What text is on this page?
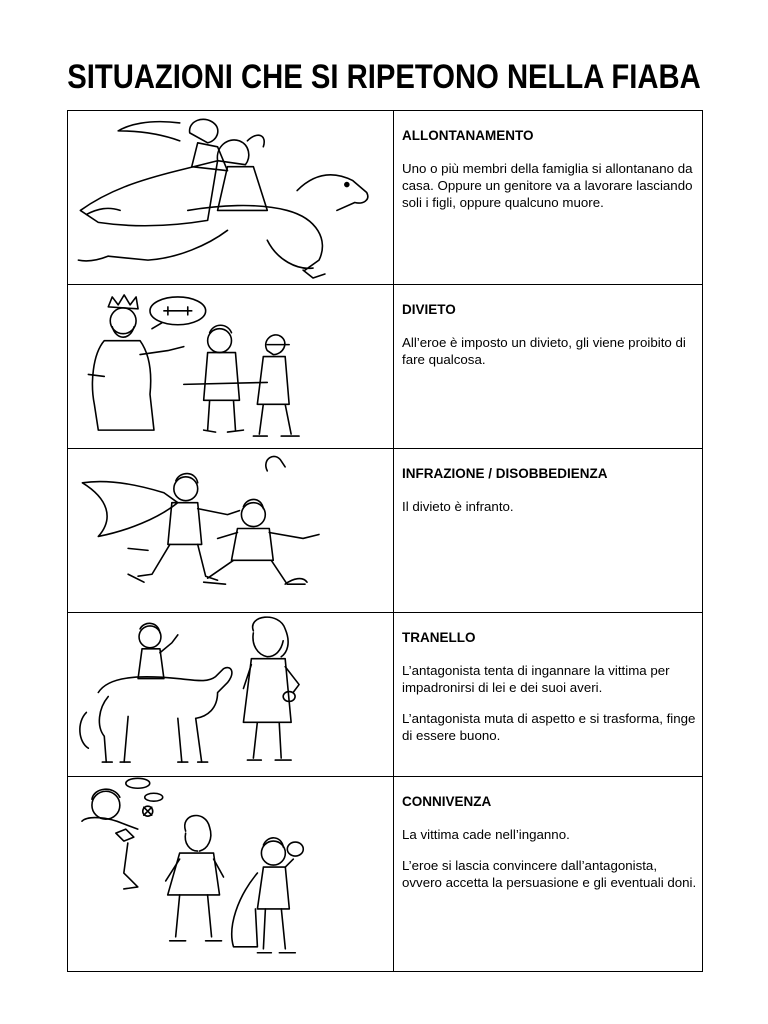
SITUAZIONI CHE SI RIPETONO NELLA FIABA
ALLONTANAMENTO
Uno o più membri della famiglia si allontanano da casa. Oppure un genitore va a lavorare lasciando soli i figli, oppure qualcuno muore.
DIVIETO
All’eroe è imposto un divieto, gli viene proibito di fare qualcosa.
INFRAZIONE / DISOBBEDIENZA
Il divieto è infranto.
TRANELLO
L’antagonista tenta di ingannare la vittima per impadronirsi di lei e dei suoi averi.
L’antagonista muta di aspetto e si trasforma, finge di essere buono.
CONNIVENZA
La vittima cade nell’inganno.
L’eroe si lascia convincere dall’antagonista, ovvero accetta la persuasione e gli eventuali doni.
